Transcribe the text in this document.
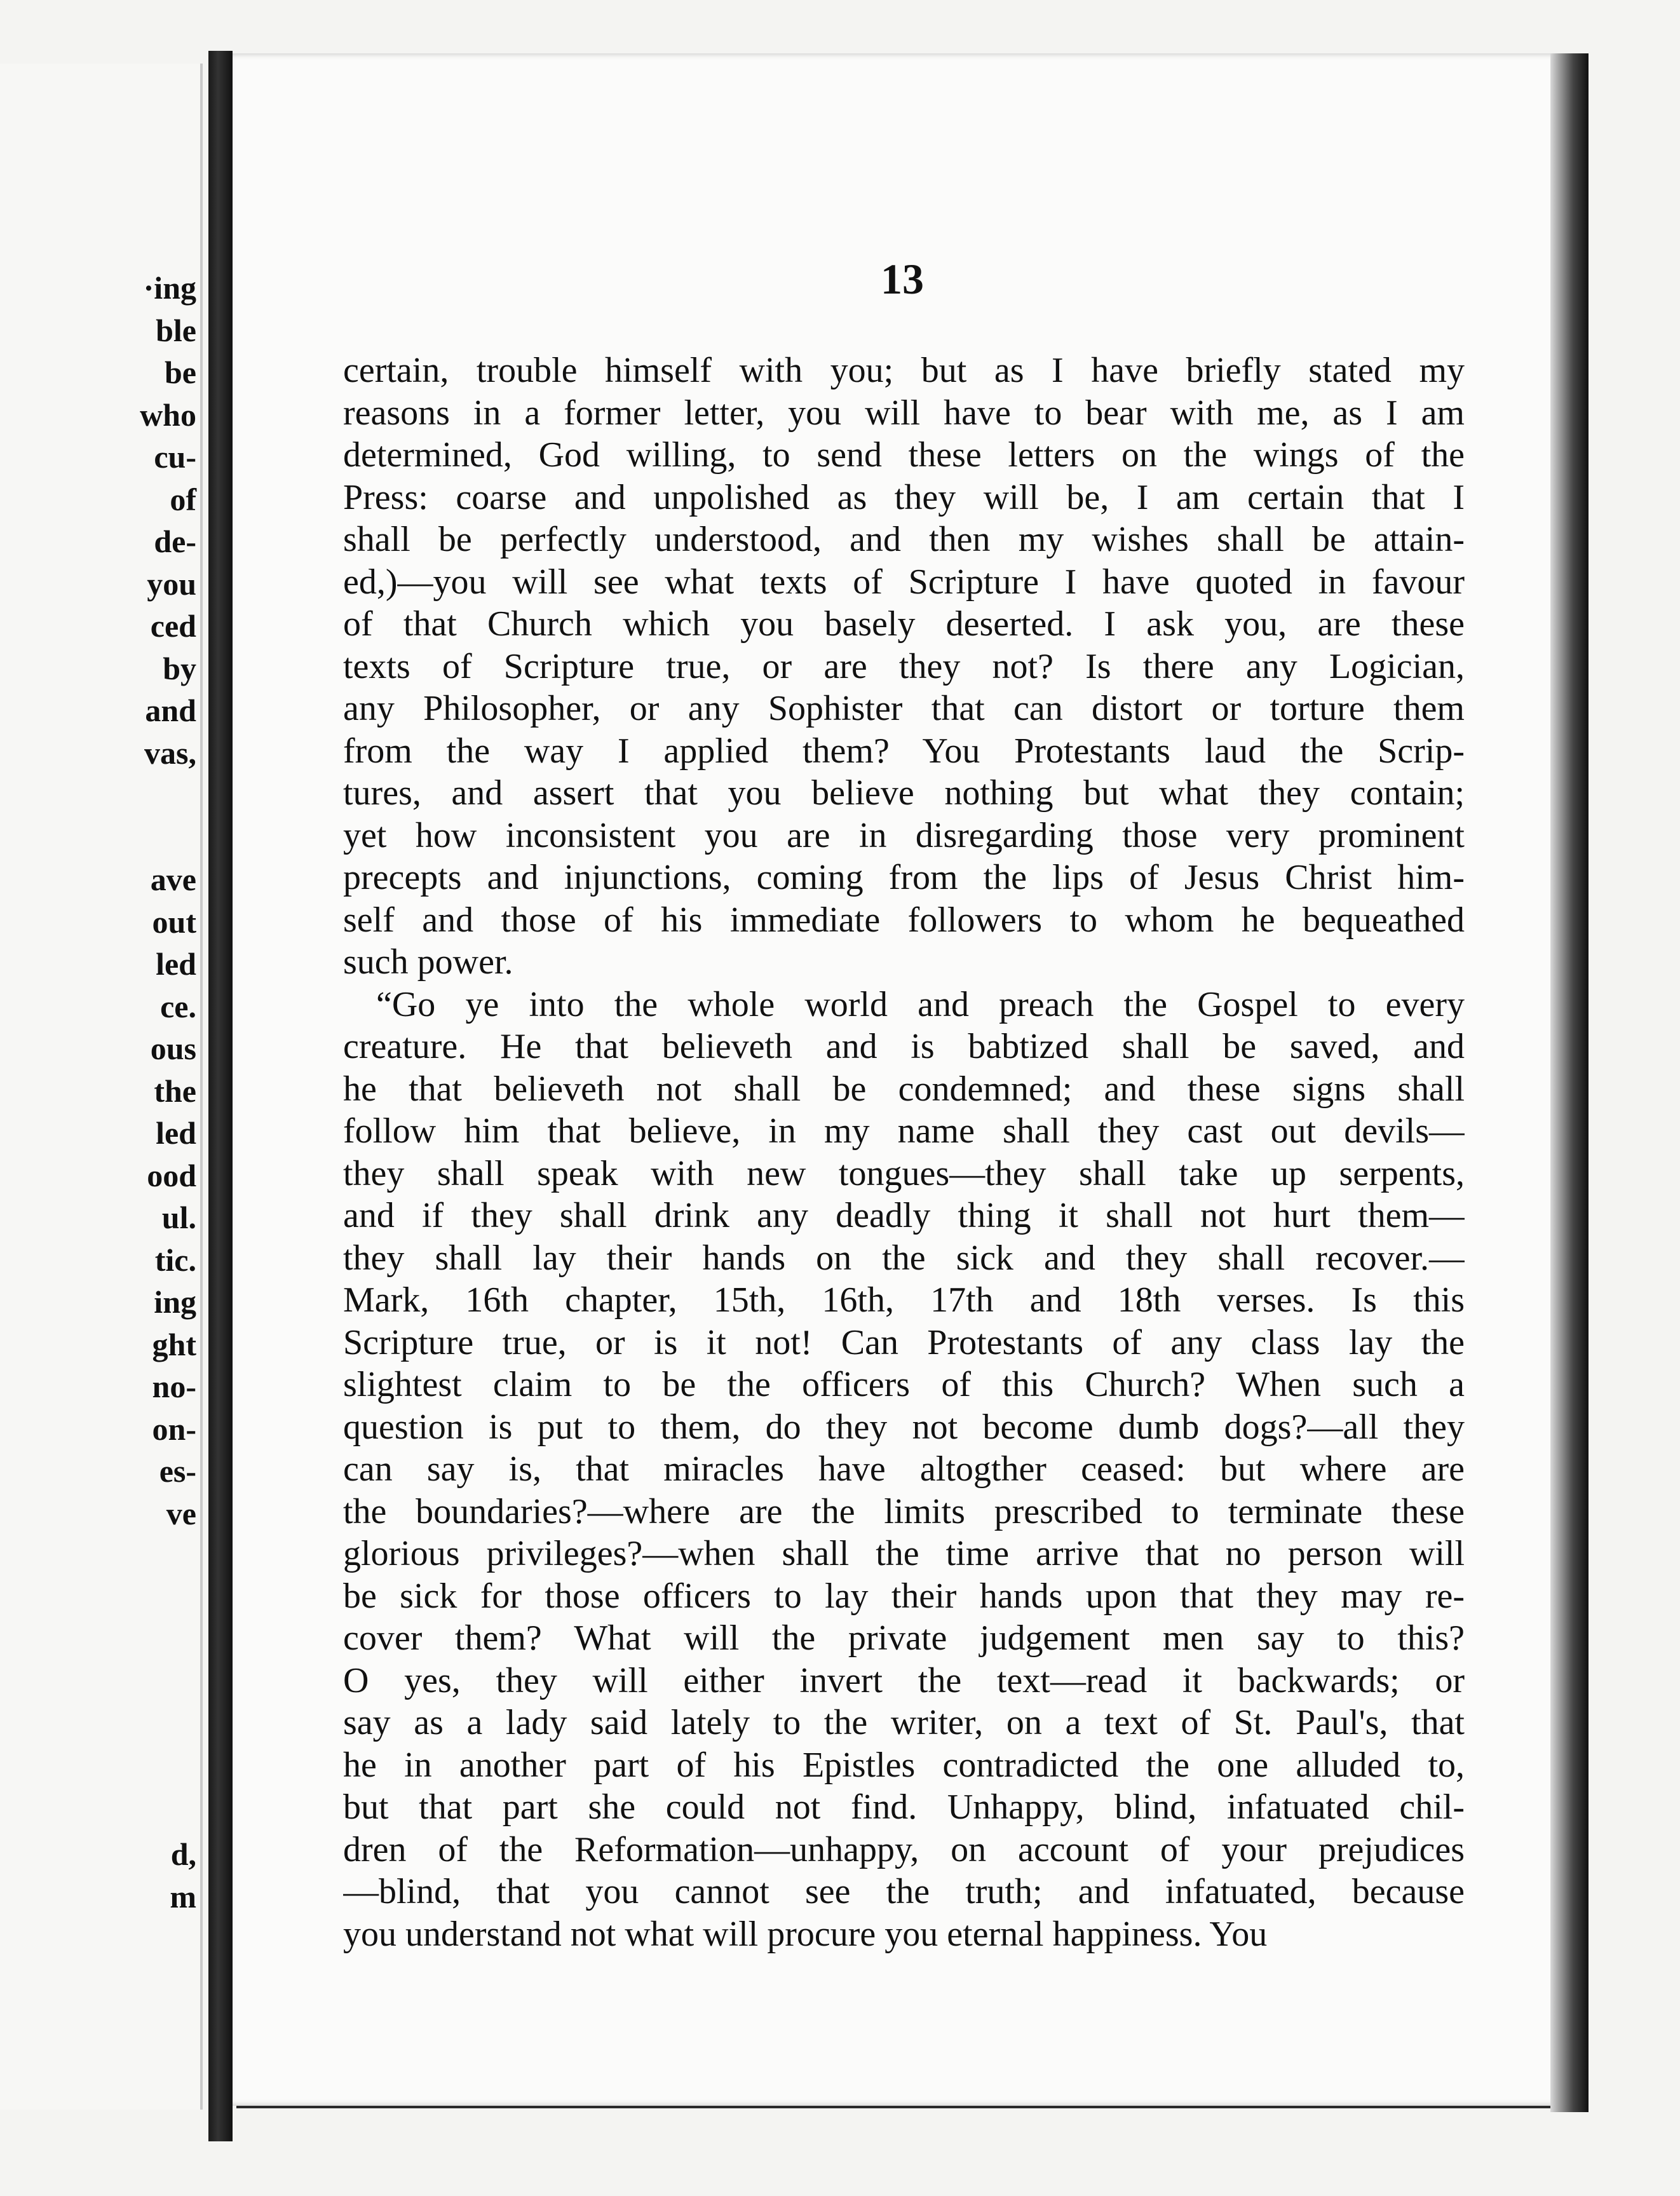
·ing
ble
be
who
cu-
of
de-
you
ced
by
and
vas,
ave
out
led
ce.
ous
the
led
ood
ul.
tic.
ing
ght
no-
on-
es-
ve
d,
m
13
certain, trouble himself with you; but as I have briefly stated my
reasons in a former letter, you will have to bear with me, as I am
determined, God willing, to send these letters on the wings of the
Press: coarse and unpolished as they will be, I am certain that I
shall be perfectly understood, and then my wishes shall be attain-
ed,)—you will see what texts of Scripture I have quoted in favour
of that Church which you basely deserted. I ask you, are these
texts of Scripture true, or are they not? Is there any Logician,
any Philosopher, or any Sophister that can distort or torture them
from the way I applied them? You Protestants laud the Scrip-
tures, and assert that you believe nothing but what they contain;
yet how inconsistent you are in disregarding those very prominent
precepts and injunctions, coming from the lips of Jesus Christ him-
self and those of his immediate followers to whom he bequeathed
such power.
“Go ye into the whole world and preach the Gospel to every
creature. He that believeth and is babtized shall be saved, and
he that believeth not shall be condemned; and these signs shall
follow him that believe, in my name shall they cast out devils—
they shall speak with new tongues—they shall take up serpents,
and if they shall drink any deadly thing it shall not hurt them—
they shall lay their hands on the sick and they shall recover.—
Mark, 16th chapter, 15th, 16th, 17th and 18th verses. Is this
Scripture true, or is it not! Can Protestants of any class lay the
slightest claim to be the officers of this Church? When such a
question is put to them, do they not become dumb dogs?—all they
can say is, that miracles have altogther ceased: but where are
the boundaries?—where are the limits prescribed to terminate these
glorious privileges?—when shall the time arrive that no person will
be sick for those officers to lay their hands upon that they may re-
cover them? What will the private judgement men say to this?
O yes, they will either invert the text—read it backwards; or
say as a lady said lately to the writer, on a text of St. Paul's, that
he in another part of his Epistles contradicted the one alluded to,
but that part she could not find. Unhappy, blind, infatuated chil-
dren of the Reformation—unhappy, on account of your prejudices
—blind, that you cannot see the truth; and infatuated, because
you understand not what will procure you eternal happiness. You
